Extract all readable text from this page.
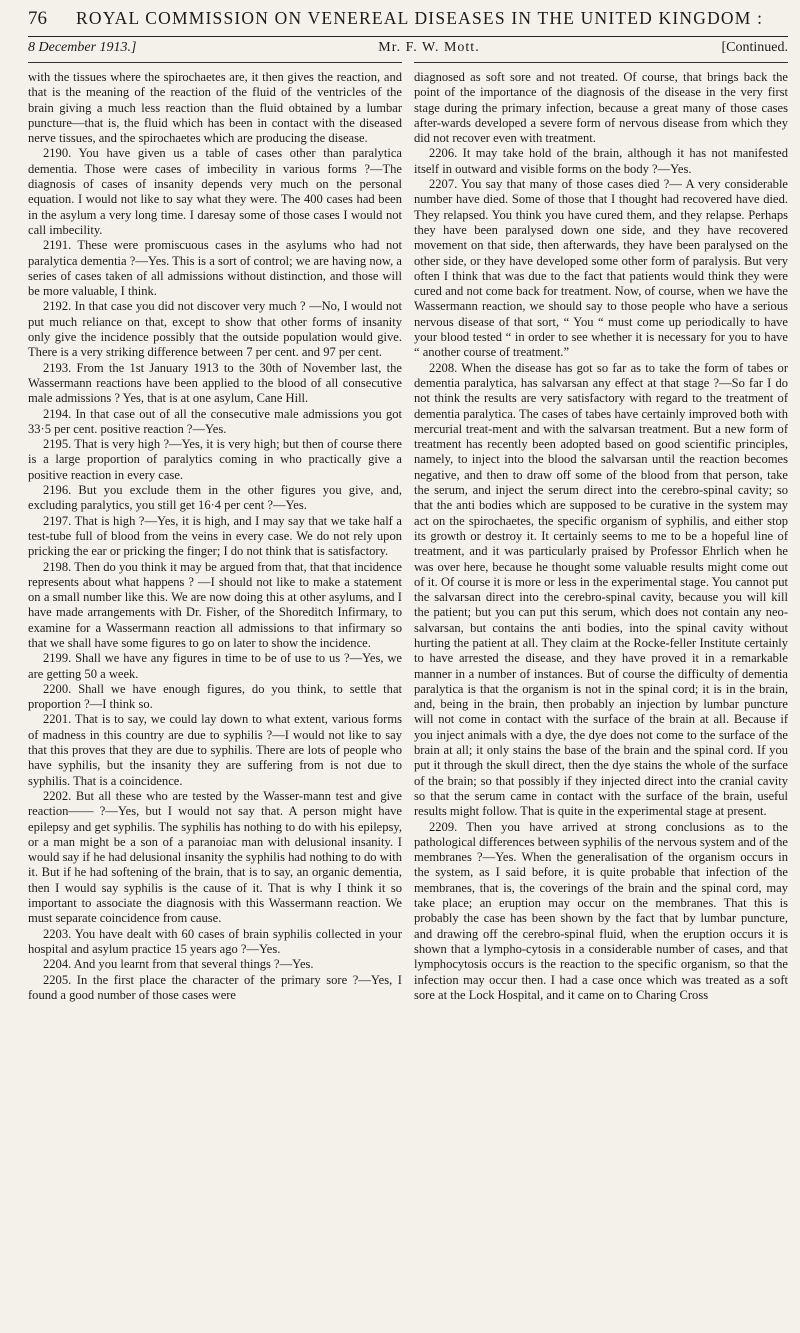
76	ROYAL COMMISSION ON VENEREAL DISEASES IN THE UNITED KINGDOM :
8 December 1913.]	Mr. F. W. Mott.	[Continued.

with the tissues where the spirochaetes are, it then gives the reaction, and that is the meaning of the reaction of the fluid of the ventricles of the brain giving a much less reaction than the fluid obtained by a lumbar puncture—that is, the fluid which has been in contact with the diseased nerve tissues, and the spirochaetes which are producing the disease.

2190. You have given us a table of cases other than paralytica dementia. Those were cases of imbecility in various forms ?—The diagnosis of cases of insanity depends very much on the personal equation. I would not like to say what they were. The 400 cases had been in the asylum a very long time. I daresay some of those cases I would not call imbecility.

2191. These were promiscuous cases in the asylums who had not paralytica dementia ?—Yes. This is a sort of control; we are having now, a series of cases taken of all admissions without distinction, and those will be more valuable, I think.

2192. In that case you did not discover very much ? —No, I would not put much reliance on that, except to show that other forms of insanity only give the incidence possibly that the outside population would give. There is a very striking difference between 7 per cent. and 97 per cent.

2193. From the 1st January 1913 to the 30th of November last, the Wassermann reactions have been applied to the blood of all consecutive male admissions ? Yes, that is at one asylum, Cane Hill.

2194. In that case out of all the consecutive male admissions you got 33·5 per cent. positive reaction ?—Yes.

2195. That is very high ?—Yes, it is very high; but then of course there is a large proportion of paralytics coming in who practically give a positive reaction in every case.

2196. But you exclude them in the other figures you give, and, excluding paralytics, you still get 16·4 per cent ?—Yes.

2197. That is high ?—Yes, it is high, and I may say that we take half a test-tube full of blood from the veins in every case. We do not rely upon pricking the ear or pricking the finger; I do not think that is satisfactory.

2198. Then do you think it may be argued from that, that that incidence represents about what happens ? —I should not like to make a statement on a small number like this. We are now doing this at other asylums, and I have made arrangements with Dr. Fisher, of the Shoreditch Infirmary, to examine for a Wassermann reaction all admissions to that infirmary so that we shall have some figures to go on later to show the incidence.

2199. Shall we have any figures in time to be of use to us ?—Yes, we are getting 50 a week.

2200. Shall we have enough figures, do you think, to settle that proportion ?—I think so.

2201. That is to say, we could lay down to what extent, various forms of madness in this country are due to syphilis ?—I would not like to say that this proves that they are due to syphilis. There are lots of people who have syphilis, but the insanity they are suffering from is not due to syphilis. That is a coincidence.

2202. But all these who are tested by the Wasser-mann test and give reaction—— ?—Yes, but I would not say that. A person might have epilepsy and get syphilis. The syphilis has nothing to do with his epilepsy, or a man might be a son of a paranoiac man with delusional insanity. I would say if he had delusional insanity the syphilis had nothing to do with it. But if he had softening of the brain, that is to say, an organic dementia, then I would say syphilis is the cause of it. That is why I think it so important to associate the diagnosis with this Wassermann reaction. We must separate coincidence from cause.

2203. You have dealt with 60 cases of brain syphilis collected in your hospital and asylum practice 15 years ago ?—Yes.

2204. And you learnt from that several things ?—Yes.

2205. In the first place the character of the primary sore ?—Yes, I found a good number of those cases were

diagnosed as soft sore and not treated. Of course, that brings back the point of the importance of the diagnosis of the disease in the very first stage during the primary infection, because a great many of those cases after-wards developed a severe form of nervous disease from which they did not recover even with treatment.

2206. It may take hold of the brain, although it has not manifested itself in outward and visible forms on the body ?—Yes.

2207. You say that many of those cases died ?— A very considerable number have died. Some of those that I thought had recovered have died. They relapsed. You think you have cured them, and they relapse. Perhaps they have been paralysed down one side, and they have recovered movement on that side, then afterwards, they have been paralysed on the other side, or they have developed some other form of paralysis. But very often I think that was due to the fact that patients would think they were cured and not come back for treatment. Now, of course, when we have the Wassermann reaction, we should say to those people who have a serious nervous disease of that sort, “ You “ must come up periodically to have your blood tested “ in order to see whether it is necessary for you to have “ another course of treatment.”

2208. When the disease has got so far as to take the form of tabes or dementia paralytica, has salvarsan any effect at that stage ?—So far I do not think the results are very satisfactory with regard to the treatment of dementia paralytica. The cases of tabes have certainly improved both with mercurial treat-ment and with the salvarsan treatment. But a new form of treatment has recently been adopted based on good scientific principles, namely, to inject into the blood the salvarsan until the reaction becomes negative, and then to draw off some of the blood from that person, take the serum, and inject the serum direct into the cerebro-spinal cavity; so that the anti bodies which are supposed to be curative in the system may act on the spirochaetes, the specific organism of syphilis, and either stop its growth or destroy it. It certainly seems to me to be a hopeful line of treatment, and it was particularly praised by Professor Ehrlich when he was over here, because he thought some valuable results might come out of it. Of course it is more or less in the experimental stage. You cannot put the salvarsan direct into the cerebro-spinal cavity, because you will kill the patient; but you can put this serum, which does not contain any neo-salvarsan, but contains the anti bodies, into the spinal cavity without hurting the patient at all. They claim at the Rocke-feller Institute certainly to have arrested the disease, and they have proved it in a remarkable manner in a number of instances. But of course the difficulty of dementia paralytica is that the organism is not in the spinal cord; it is in the brain, and, being in the brain, then probably an injection by lumbar puncture will not come in contact with the surface of the brain at all. Because if you inject animals with a dye, the dye does not come to the surface of the brain at all; it only stains the base of the brain and the spinal cord. If you put it through the skull direct, then the dye stains the whole of the surface of the brain; so that possibly if they injected direct into the cranial cavity so that the serum came in contact with the surface of the brain, useful results might follow. That is quite in the experimental stage at present.

2209. Then you have arrived at strong conclusions as to the pathological differences between syphilis of the nervous system and of the membranes ?—Yes. When the generalisation of the organism occurs in the system, as I said before, it is quite probable that infection of the membranes, that is, the coverings of the brain and the spinal cord, may take place; an eruption may occur on the membranes. That this is probably the case has been shown by the fact that by lumbar puncture, and drawing off the cerebro-spinal fluid, when the eruption occurs it is shown that a lympho-cytosis in a considerable number of cases, and that lymphocytosis occurs is the reaction to the specific organism, so that the infection may occur then. I had a case once which was treated as a soft sore at the Lock Hospital, and it came on to Charing Cross
